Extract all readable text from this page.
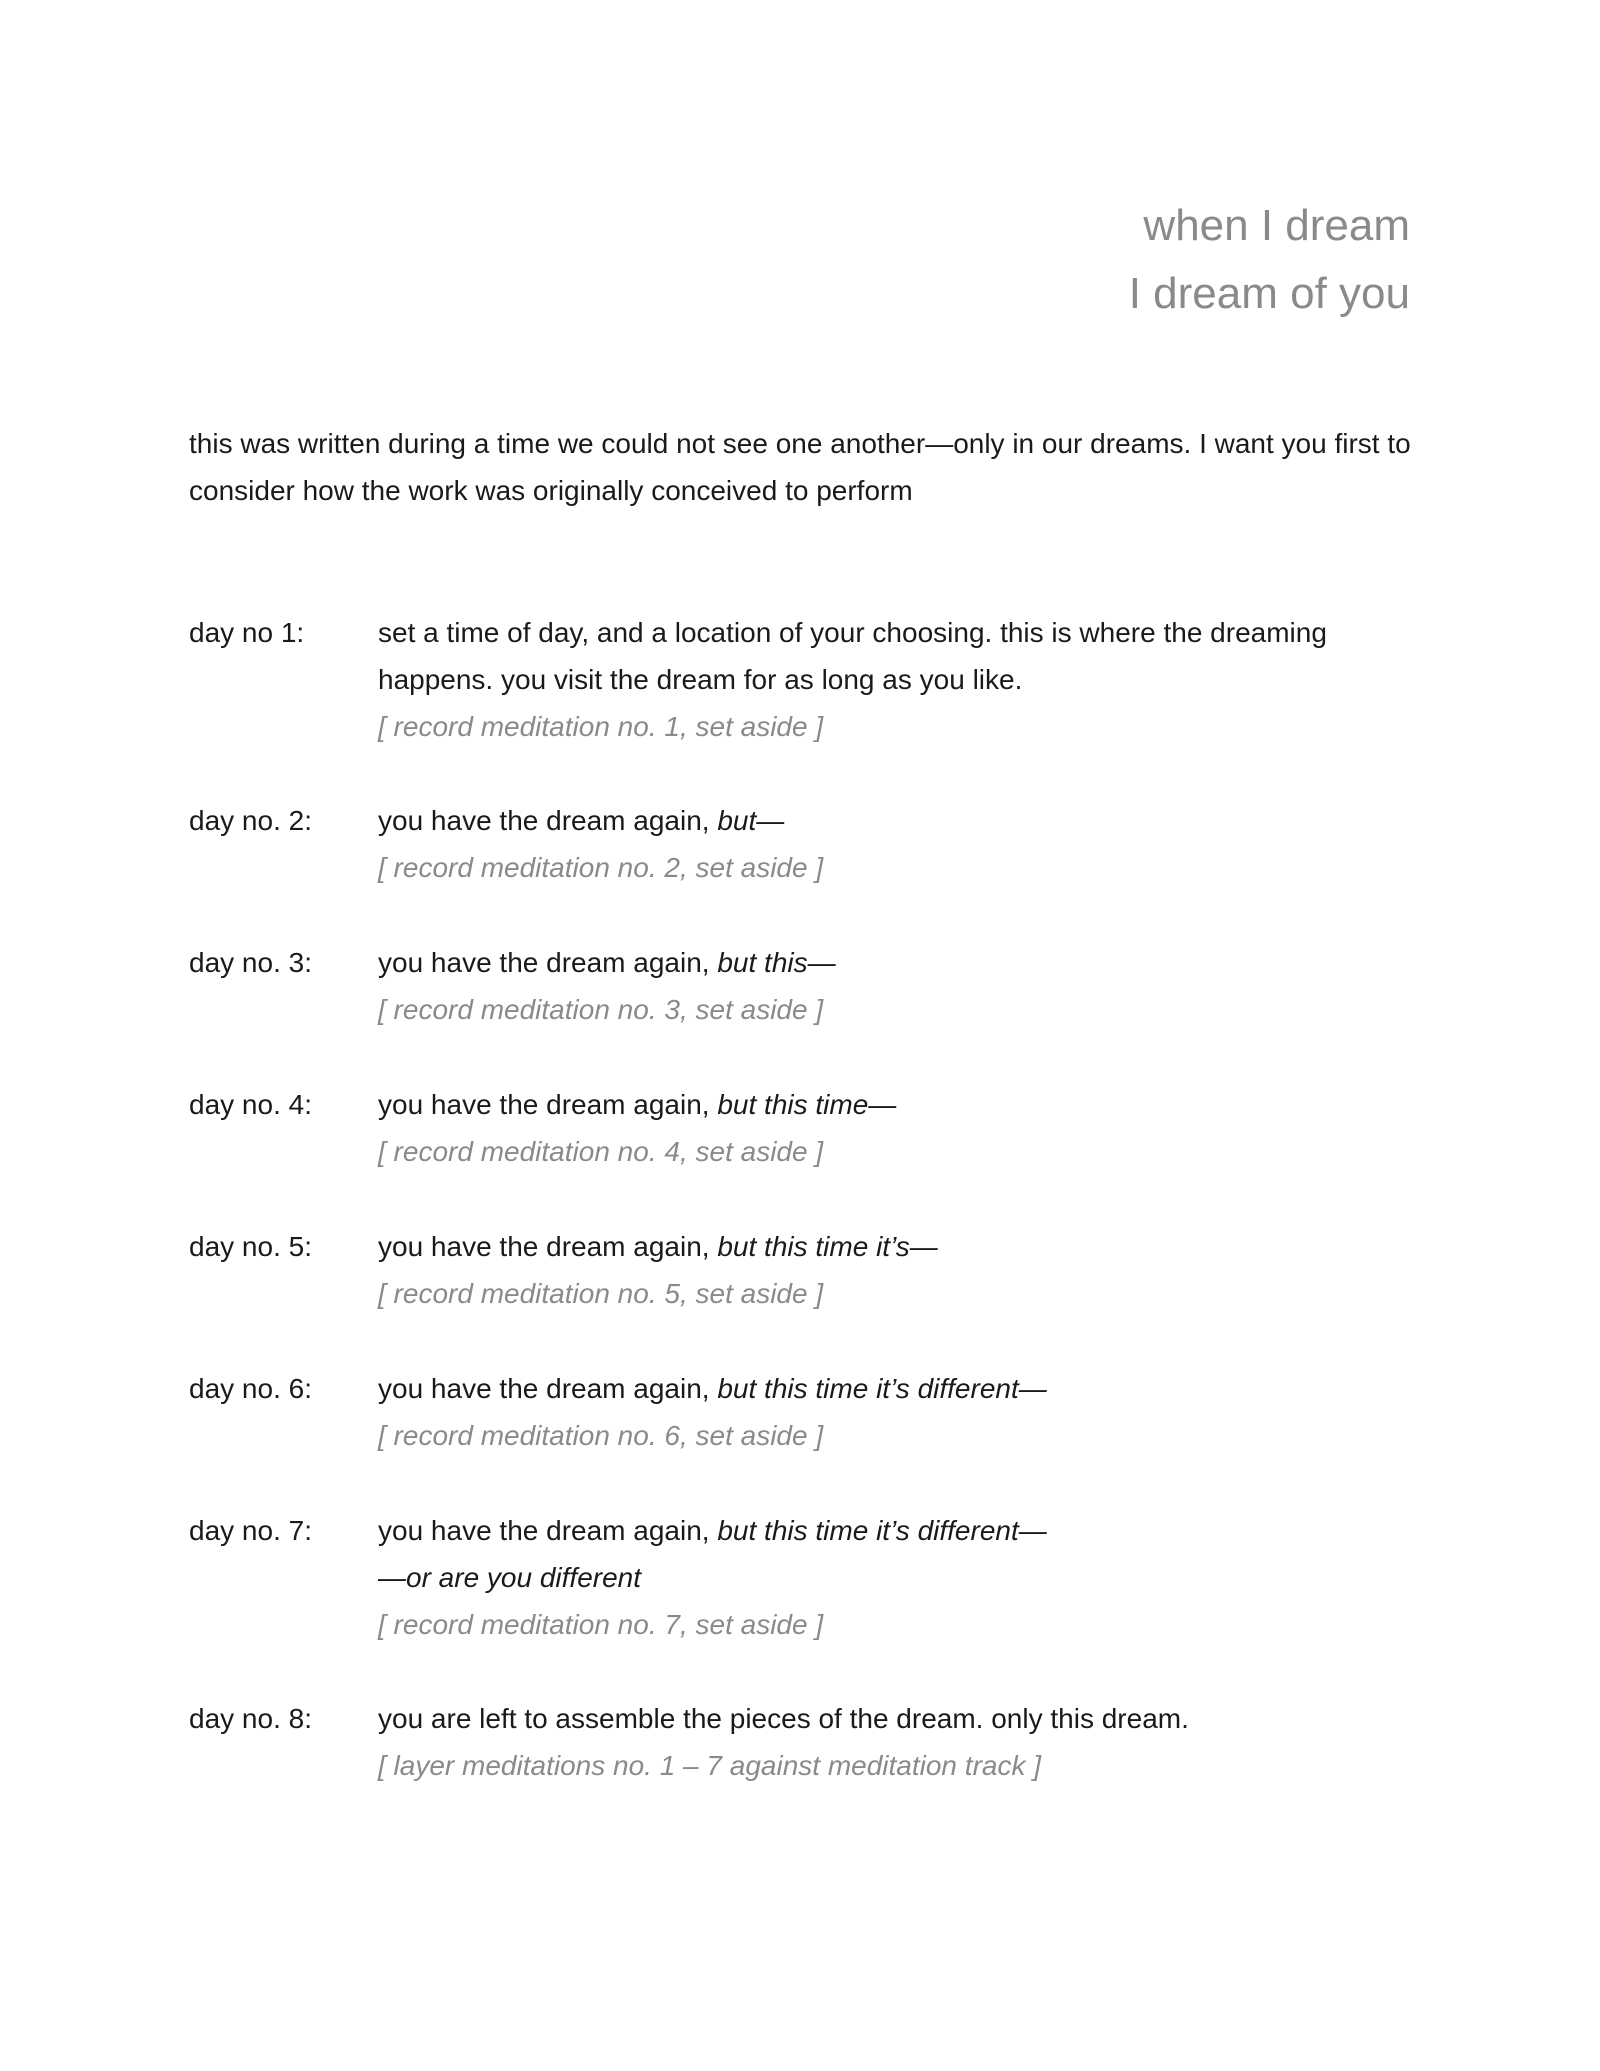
when I dream
I dream of you

this was written during a time we could not see one another—only in our dreams. I want you first to consider how the work was originally conceived to perform

day no 1:	set a time of day, and a location of your choosing. this is where the dreaming
happens. you visit the dream for as long as you like.
[ record meditation no. 1, set aside ]
day no. 2:	you have the dream again, but—
[ record meditation no. 2, set aside ]
day no. 3:	you have the dream again, but this—
[ record meditation no. 3, set aside ]
day no. 4:	you have the dream again, but this time—
[ record meditation no. 4, set aside ]
day no. 5:	you have the dream again, but this time it’s—
[ record meditation no. 5, set aside ]
day no. 6:	you have the dream again, but this time it’s different—
[ record meditation no. 6, set aside ]
day no. 7:	you have the dream again, but this time it’s different—
—or are you different
[ record meditation no. 7, set aside ]
day no. 8:	you are left to assemble the pieces of the dream. only this dream.
[ layer meditations no. 1 – 7 against meditation track ]
